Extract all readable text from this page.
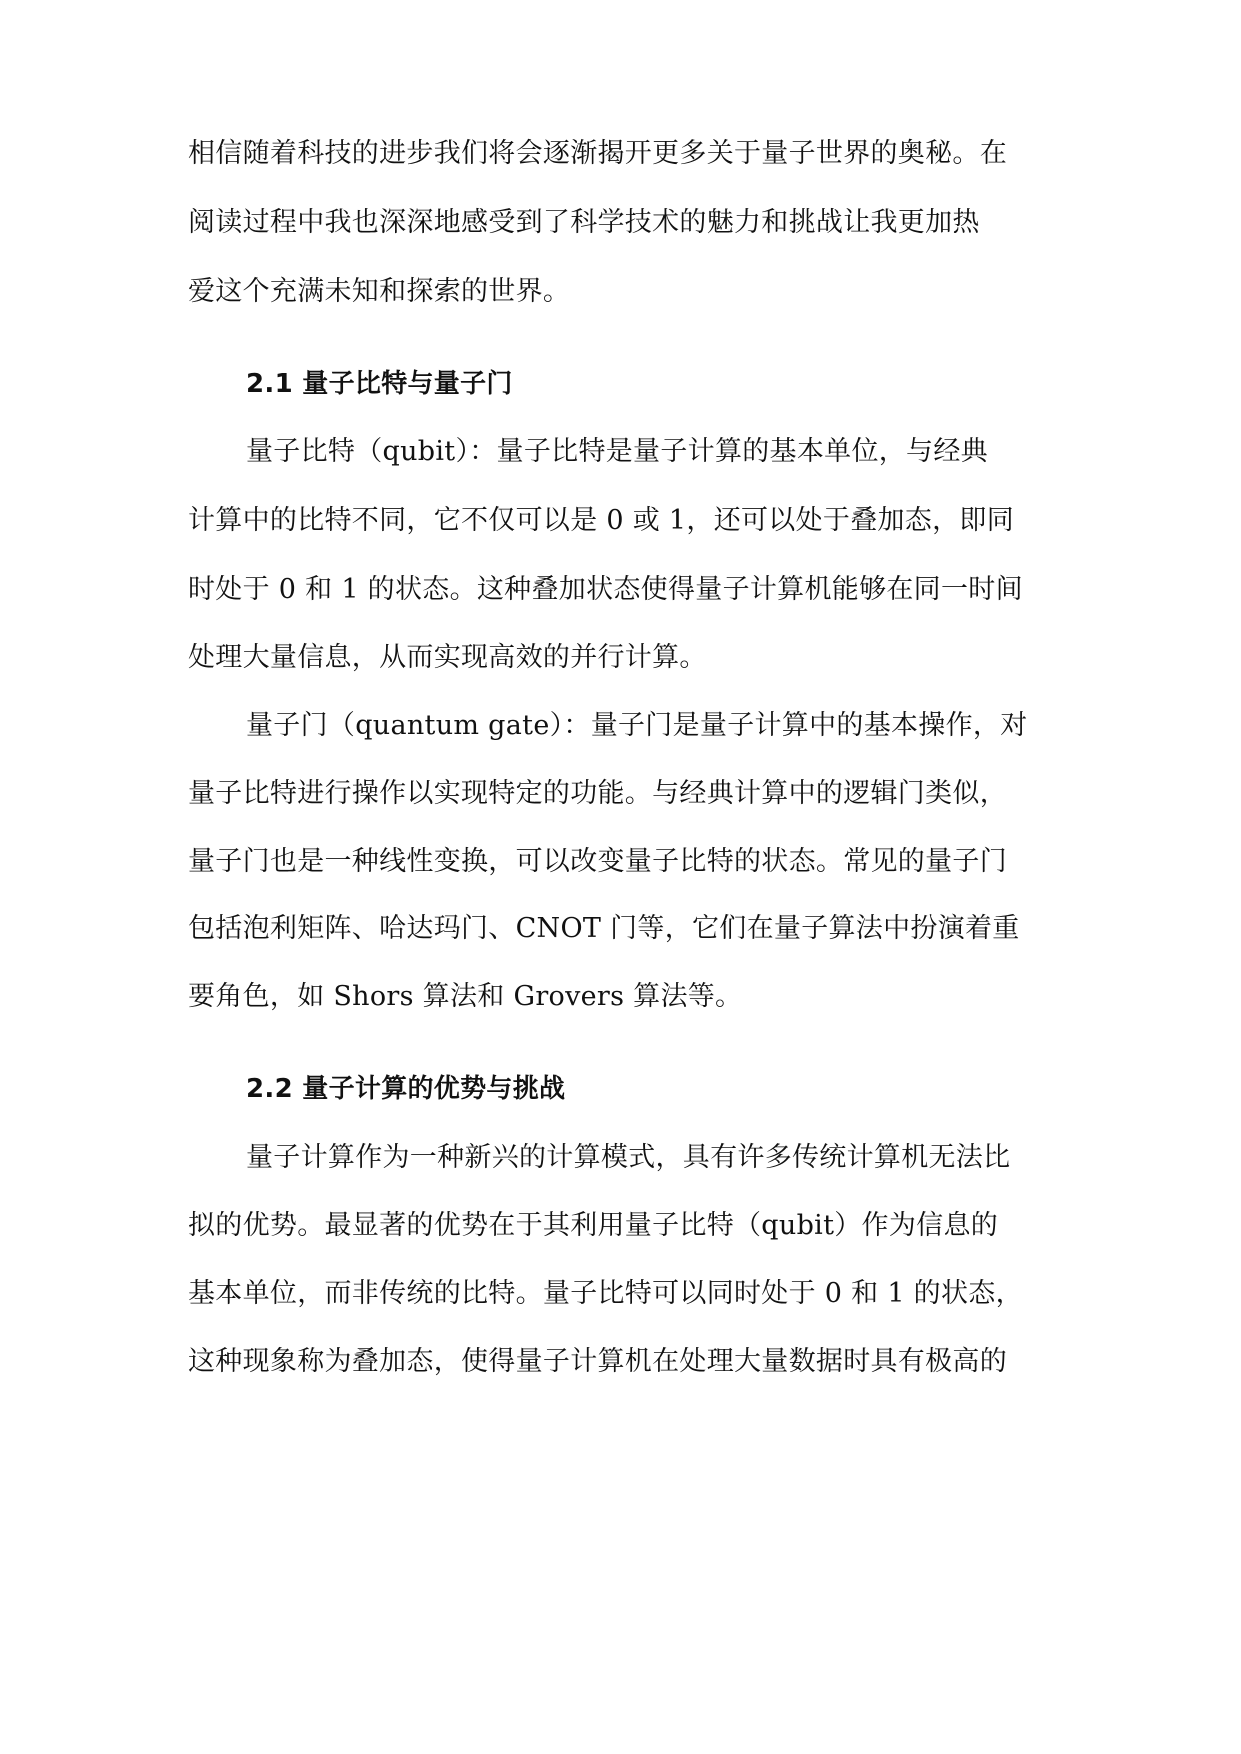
相信随着科技的进步我们将会逐渐揭开更多关于量子世界的奥秘。在
阅读过程中我也深深地感受到了科学技术的魅力和挑战让我更加热
爱这个充满未知和探索的世界。
2.1 量子比特与量子门
量子比特（qubit）：量子比特是量子计算的基本单位，与经典
计算中的比特不同，它不仅可以是 0 或 1，还可以处于叠加态，即同
时处于 0 和 1 的状态。这种叠加状态使得量子计算机能够在同一时间
处理大量信息，从而实现高效的并行计算。
量子门（quantum gate）：量子门是量子计算中的基本操作，对
量子比特进行操作以实现特定的功能。与经典计算中的逻辑门类似，
量子门也是一种线性变换，可以改变量子比特的状态。常见的量子门
包括泡利矩阵、哈达玛门、CNOT 门等，它们在量子算法中扮演着重
要角色，如 Shors 算法和 Grovers 算法等。
2.2 量子计算的优势与挑战
量子计算作为一种新兴的计算模式，具有许多传统计算机无法比
拟的优势。最显著的优势在于其利用量子比特（qubit）作为信息的
基本单位，而非传统的比特。量子比特可以同时处于 0 和 1 的状态，
这种现象称为叠加态，使得量子计算机在处理大量数据时具有极高的
